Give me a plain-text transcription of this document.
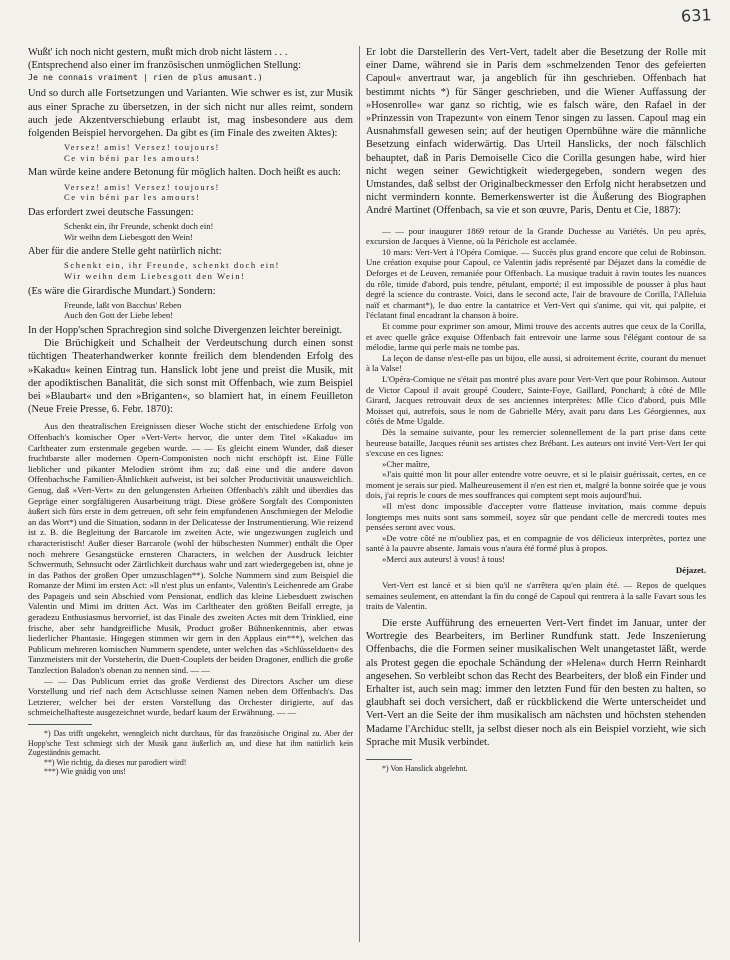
631

Wußt' ich noch nicht gestern, mußt mich drob nicht lästern . . .

(Entsprechend also einer im französischen unmöglichen Stellung:

Je ne connais vraiment | rien de plus amusant.)

Und so durch alle Fortsetzungen und Varianten. Wie schwer es ist, zur Musik aus einer Sprache zu übersetzen, in der sich nicht nur alles reimt, sondern auch jede Akzentverschiebung erlaubt ist, mag insbesondere aus dem folgenden Beispiel hervorgehen. Da gibt es (im Finale des zweiten Aktes):

Versez! amis! Versez! toujours!
Ce vin béni par les amours!

Man würde keine andere Betonung für möglich halten. Doch heißt es auch:

Versez! amis! Versez! toujours!
Ce vin béni par les amours!

Das erfordert zwei deutsche Fassungen:

Schenkt ein, ihr Freunde, schenkt doch ein!
Wir weihn dem Liebesgott den Wein!

Aber für die andere Stelle geht natürlich nicht:

Schenkt ein, ihr Freunde, schenkt doch ein!
Wir weihn dem Liebesgott den Wein!

(Es wäre die Girardische Mundart.) Sondern:

Freunde, laßt von Bacchus' Reben
Auch den Gott der Liebe leben!

In der Hopp'schen Sprachregion sind solche Divergenzen leichter bereinigt.

Die Brüchigkeit und Schalheit der Verdeutschung durch einen sonst tüchtigen Theaterhandwerker konnte freilich dem blendenden Erfolg des »Kakadu« keinen Eintrag tun. Hanslick lobt jene und preist die Musik, mit der apodiktischen Banalität, die sich sonst mit Offenbach, wie zum Beispiel bei »Blaubart« und den »Briganten«, so blamiert hat, in einem Feuilleton (Neue Freie Presse, 6. Febr. 1870):

Aus den theatralischen Ereignissen dieser Woche sticht der entschiedene Erfolg von Offenbach's komischer Oper »Vert-Vert« hervor, die unter dem Titel »Kakadu« im Carltheater zum erstenmale gegeben wurde. — — Es gleicht einem Wunder, daß dieser fruchtbarste aller modernen Opern-Componisten noch nicht erschöpft ist. Eine Fülle lieblicher und pikanter Melodien strömt ihm zu; daß eine und die andere davon Offenbachsche Familien-Ähnlichkeit aufweist, ist bei solcher Productivität unausweichlich. Genug, daß »Vert-Vert« zu den gelungensten Arbeiten Offenbach's zählt und überdies das Gepräge einer sorgfältigeren Ausarbeitung trägt. Diese größere Sorgfalt des Componisten äußert sich fürs erste in dem getreuen, oft sehr fein empfundenen Anschmiegen der Melodie an das Wort*) und die Situation, sodann in der Delicatesse der Instrumentierung. Wie reizend ist z. B. die Begleitung der Barcarole im zweiten Acte, wie ungezwungen zugleich und characteristisch! Außer dieser Barcarole (wohl der hübschesten Nummer) enthält die Oper noch mehrere Gesangstücke ernsteren Characters, in welchen der Ausdruck leichter Schwermuth, Sehnsucht oder Zärtlichkeit durchaus wahr und zart wiedergegeben ist, ohne je in das Pathos der großen Oper umzuschlagen**). Solche Nummern sind zum Beispiel die Romanze der Mimi im ersten Act: »Il n'est plus un enfant«, Valentin's Leichenrede am Grabe des Papageis und sein Abschied vom Pensionat, endlich das kleine Liebesduett zwischen Valentin und Mimi im dritten Act. Was im Carltheater den größten Beifall erregte, ja geradezu Enthusiasmus hervorrief, ist das Finale des zweiten Actes mit dem Trinklied, eine frische, aber sehr handgreifliche Musik, Product großer Bühnenkenntnis, aber etwas liederlicher Phantasie. Hingegen stimmen wir gern in den Applaus ein***), welchen das Publicum mehreren komischen Nummern spendete, unter welchen das »Schlüsselduett« des Tanzmeisters mit der Vorsteherin, die Duett-Couplets der beiden Dragoner, endlich die große Tanzlection Baladon's obenan zu nennen sind. — —

— — Das Publicum erriet das große Verdienst des Directors Ascher um diese Vorstellung und rief nach dem Actschlusse seinen Namen neben dem Offenbach's. Das Letzterer, welcher bei der ersten Vorstellung das Orchester dirigierte, auf das schmeichelhafteste ausgezeichnet wurde, bedarf kaum der Erwähnung. — —

*) Das trifft ungekehrt, wenngleich nicht durchaus, für das französische Original zu. Aber der Hopp'sche Text schmiegt sich der Musik ganz äußerlich an, und diese hat ihm natürlich kein Zugeständnis gemacht.

**) Wie richtig, da dieses nur parodiert wird!

***) Wie gnädig von uns!

Er lobt die Darstellerin des Vert-Vert, tadelt aber die Besetzung der Rolle mit einer Dame, während sie in Paris dem »schmelzenden Tenor des gefeierten Capoul« anvertraut war, ja angeblich für ihn geschrieben. Offenbach hat bestimmt nichts *) für Sänger geschrieben, und die Wiener Auffassung der »Hosenrolle« war ganz so richtig, wie es falsch wäre, den Rafael in der »Prinzessin von Trapezunt« von einem Tenor singen zu lassen. Capoul mag ein Ausnahmsfall gewesen sein; auf der heutigen Opernbühne wäre die männliche Besetzung einfach widerwärtig. Das Urteil Hanslicks, der noch fälschlich behauptet, daß in Paris Demoiselle Cico die Corilla gesungen habe, wird hier nicht wegen seiner Gewichtigkeit wiedergegeben, sondern wegen des Umstandes, daß selbst der Originalbeckmesser den Erfolg nicht herabsetzen und nicht vermindern konnte. Bemerkenswerter ist die Äußerung des Biographen André Martinet (Offenbach, sa vie et son œuvre, Paris, Dentu et Cie, 1887):

— — pour inaugurer 1869 retour de la Grande Duchesse au Variétés. Un peu après, excursion de Jacques à Vienne, où la Périchole est acclamée.

10 mars: Vert-Vert à l'Opéra Comique. — Succès plus grand encore que celui de Robinson. Une création exquise pour Capoul, ce Valentin jadis représenté par Déjazet dans la comédie de Deforges et de Leuven, remaniée pour Offenbach. La musique traduit à ravin toutes les nuances du rôle, timide d'abord, puis tendre, pétulant, emporté; il est impossible de pousser à plus haut degré la science du contraste. Voici, dans le second acte, l'air de bravoure de Corilla, l'Alleluia naïf et charmant*), le duo entre la cantatrice et Vert-Vert qui s'anime, qui vit, qui palpite, et l'éclatant final encadrant la chanson à boire.

Et comme pour exprimer son amour, Mimi trouve des accents autres que ceux de la Corilla, et avec quelle grâce exquise Offenbach fait entrevoir une larme sous l'élégant contour de sa mélodie, larme qui perle mais ne tombe pas.

La leçon de danse n'est-elle pas un bijou, elle aussi, si adroitement écrite, courant du menuet à la Valse!

L'Opéra-Comique ne s'était pas montré plus avare pour Vert-Vert que pour Robinson. Autour de Victor Capoul il avait groupé Couderc, Sainte-Foye, Gaillard, Ponchard; à côté de Mlle Girard, Jacques retrouvait deux de ses anciennes interprètes: Mlle Cico d'abord, puis Mlle Moisset qui, autrefois, sous le nom de Gabrielle Méry, avait paru dans Les Géorgiennes, aux côtés de Mme Ugalde.

Dès la semaine suivante, pour les remercier solennellement de la part prise dans cette heureuse bataille, Jacques réunit ses artistes chez Brébant. Les auteurs ont invité Vert-Vert Ier qui s'excuse en ces lignes:

»Cher maître,

»J'ais quitté mon lit pour aller entendre votre oeuvre, et si le plaisir guérissait, certes, en ce moment je serais sur pied. Malheureusement il n'en est rien et, malgré la bonne soirée que je vous dois, j'ai repris le cours de mes souffrances qui comptent sept mois aujourd'hui.

»Il m'est donc impossible d'accepter votre flatteuse invitation, mais comme depuis longtemps mes nuits sont sans sommeil, soyez sûr que pendant celle de mercredi toutes mes pensées seront avec vous.

»De votre côté ne m'oubliez pas, et en compagnie de vos délicieux interprètes, portez une santé à la pauvre absente. Jamais vous n'aura été formé plus à propos.

»Merci aux auteurs! à vous! à tous!

Déjazet.

Vert-Vert est lancé et si bien qu'il ne s'arrêtera qu'en plain été. — Repos de quelques semaines seulement, en attendant la fin du congé de Capoul qui rentrera à la salle Favart sous les traits de Valentin.

Die erste Aufführung des erneuerten Vert-Vert findet im Januar, unter der Wortregie des Bearbeiters, im Berliner Rundfunk statt. Jede Inszenierung Offenbachs, die die Formen seiner musikalischen Welt unangetastet läßt, werde als Protest gegen die epochale Schändung der »Helena« durch Herrn Reinhardt angesehen. So verbleibt schon das Recht des Bearbeiters, der bloß ein Finder und Erhalter ist, auch sein mag: immer den letzten Fund für den besten zu halten, so glaubhaft sei doch versichert, daß er rückblickend die Werte unterscheidet und Vert-Vert an die Seite der ihm musikalisch am nächsten und höchsten stehenden Madame l'Archiduc stellt, ja selbst dieser noch als ein Beispiel vorzieht, wie sich Sprache mit Musik verbindet.

*) Von Hanslick abgelehnt.
